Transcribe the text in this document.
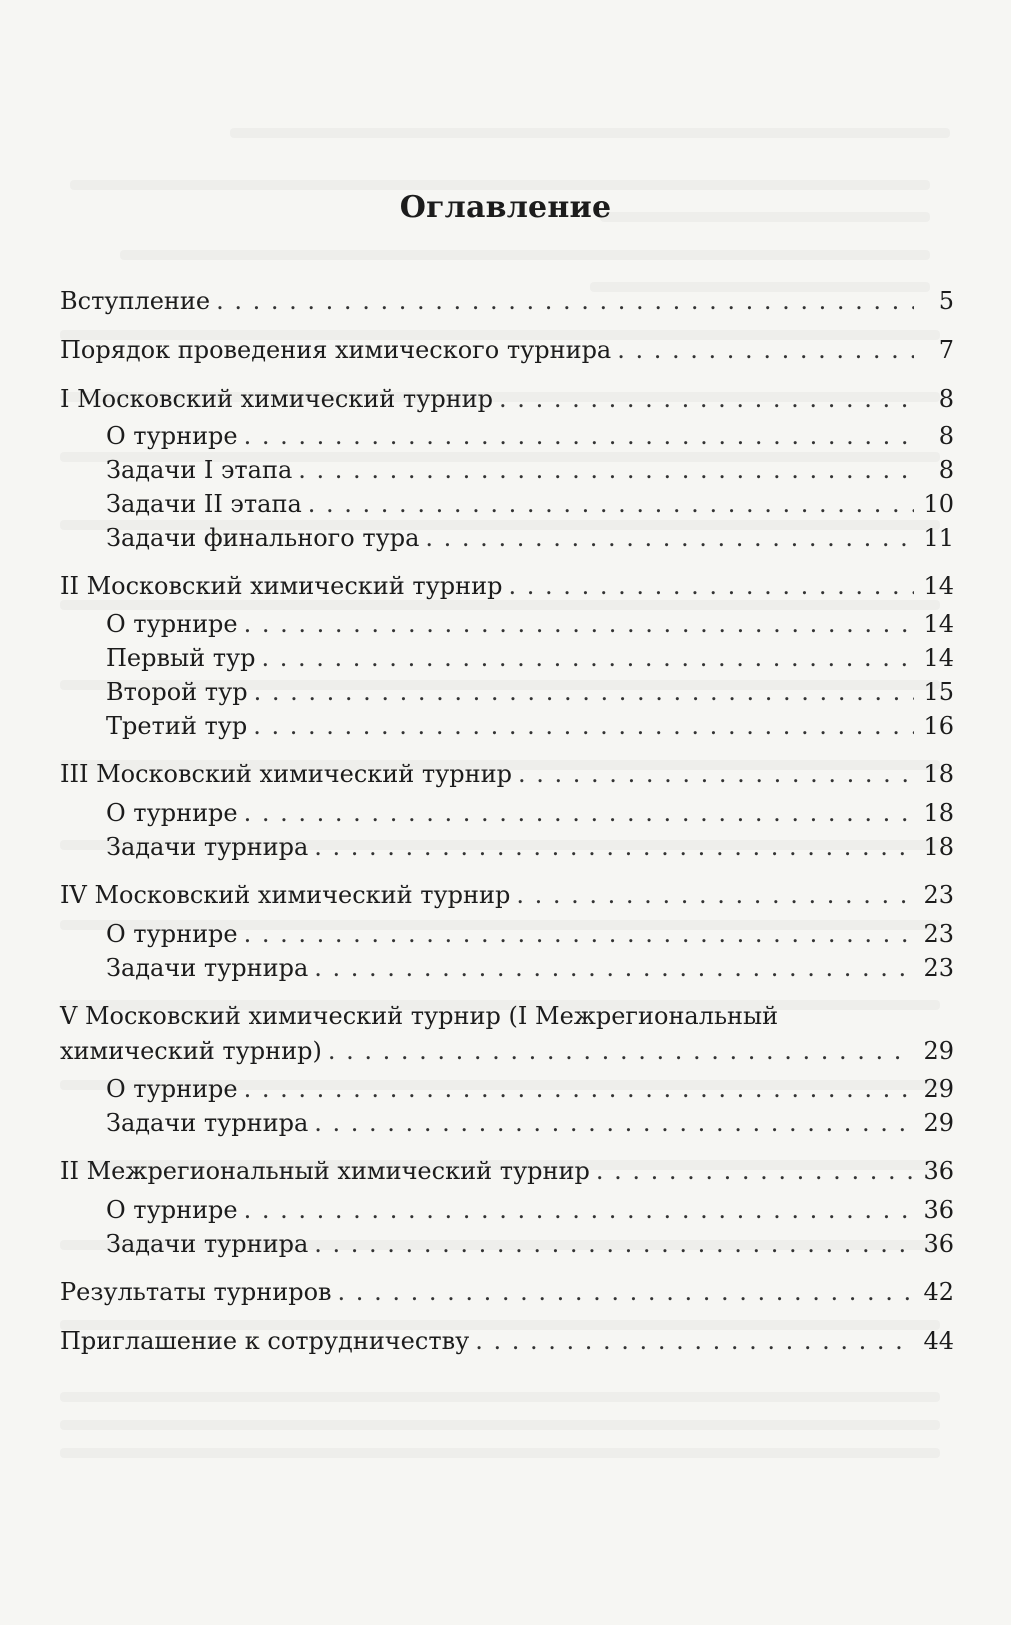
Оглавление
Вступление . . .	5
Порядок проведения химического турнира . . .	7
I Московский химический турнир . . .	8
О турнире . . .	8
Задачи I этапа . . .	8
Задачи II этапа . . .	10
Задачи финального тура . . .	11
II Московский химический турнир . . .	14
О турнире . . .	14
Первый тур . . .	14
Второй тур . . .	15
Третий тур . . .	16
III Московский химический турнир . . .	18
О турнире . . .	18
Задачи турнира . . .	18
IV Московский химический турнир . . .	23
О турнире . . .	23
Задачи турнира . . .	23
V Московский химический турнир (I Межрегиональный
химический турнир) . . .	29
О турнире . . .	29
Задачи турнира . . .	29
II Межрегиональный химический турнир . . .	36
О турнире . . .	36
Задачи турнира . . .	36
Результаты турниров . . .	42
Приглашение к сотрудничеству . . .	44
